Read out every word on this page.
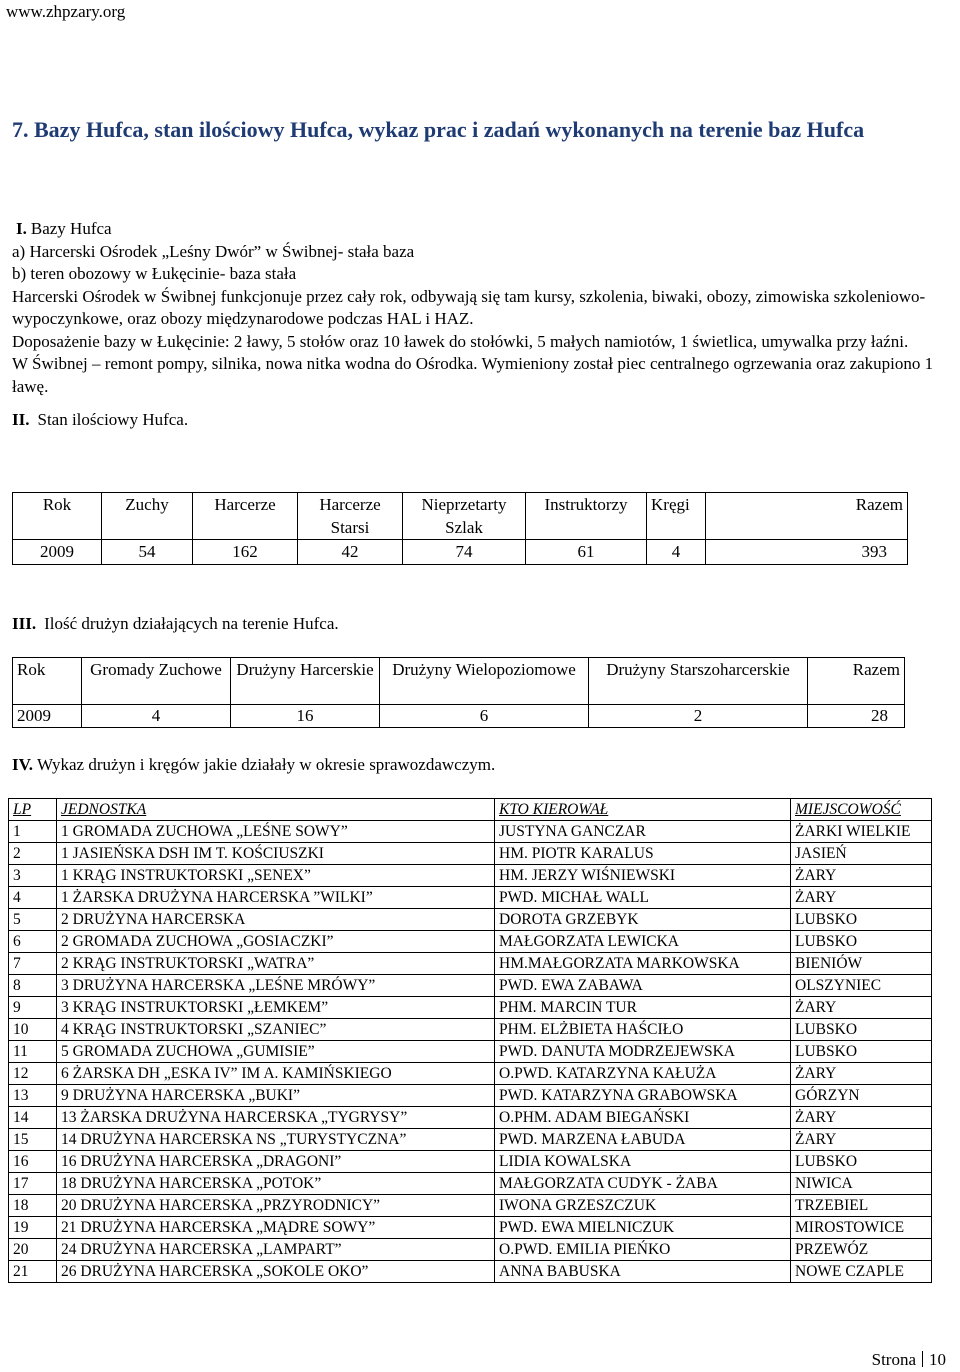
www.zhpzary.org
7. Bazy Hufca, stan ilościowy Hufca, wykaz prac i zadań wykonanych na terenie baz Hufca

I. Bazy Hufca

a) Harcerski Ośrodek „Leśny Dwór” w Świbnej- stała baza

b) teren obozowy w Łukęcinie- baza stała

Harcerski Ośrodek w Świbnej funkcjonuje przez cały rok, odbywają się tam kursy, szkolenia, biwaki, obozy, zimowiska szkoleniowo-wypoczynkowe, oraz obozy międzynarodowe podczas HAL i HAZ.

Doposażenie bazy w Łukęcinie: 2 ławy, 5 stołów oraz 10 ławek do stołówki, 5 małych namiotów, 1 świetlica, umywalka przy łaźni.

W Świbnej – remont pompy, silnika, nowa nitka wodna do Ośrodka. Wymieniony został piec centralnego ogrzewania oraz zakupiono 1 ławę.

II. Stan ilościowy Hufca.

Rok	Zuchy	Harcerze	Harcerze Starsi	Nieprzetarty Szlak	Instruktorzy	Kręgi	Razem
2009	54	162	42	74	61	4	393
III. Ilość drużyn działających na terenie Hufca.
Rok	Gromady Zuchowe	Drużyny Harcerskie	Drużyny Wielopoziomowe	Drużyny Starszoharcerskie	Razem
2009	4	16	6	2	28
IV. Wykaz drużyn i kręgów jakie działały w okresie sprawozdawczym.
LP	JEDNOSTKA	KTO KIEROWAŁ	MIEJSCOWOŚĆ
1	1 GROMADA ZUCHOWA „LEŚNE SOWY”	JUSTYNA GANCZAR	ŻARKI WIELKIE
2	1 JASIEŃSKA DSH IM T. KOŚCIUSZKI	HM. PIOTR KARALUS	JASIEŃ
3	1 KRĄG INSTRUKTORSKI „SENEX”	HM. JERZY WIŚNIEWSKI	ŻARY
4	1 ŻARSKA DRUŻYNA HARCERSKA ”WILKI”	PWD. MICHAŁ WALL	ŻARY
5	2 DRUŻYNA HARCERSKA	DOROTA GRZEBYK	LUBSKO
6	2 GROMADA ZUCHOWA „GOSIACZKI”	MAŁGORZATA LEWICKA	LUBSKO
7	2 KRĄG INSTRUKTORSKI „WATRA”	HM.MAŁGORZATA MARKOWSKA	BIENIÓW
8	3 DRUŻYNA HARCERSKA „LEŚNE MRÓWY”	PWD. EWA ZABAWA	OLSZYNIEC
9	3 KRĄG INSTRUKTORSKI „ŁEMKEM”	PHM. MARCIN TUR	ŻARY
10	4 KRĄG INSTRUKTORSKI „SZANIEC”	PHM. ELŻBIETA HAŚCIŁO	LUBSKO
11	5 GROMADA ZUCHOWA „GUMISIE”	PWD. DANUTA MODRZEJEWSKA	LUBSKO
12	6 ŻARSKA DH „ESKA IV” IM A. KAMIŃSKIEGO	O.PWD. KATARZYNA KAŁUŻA	ŻARY
13	9 DRUŻYNA HARCERSKA „BUKI”	PWD. KATARZYNA GRABOWSKA	GÓRZYN
14	13 ŻARSKA DRUŻYNA HARCERSKA „TYGRYSY”	O.PHM. ADAM BIEGAŃSKI	ŻARY
15	14 DRUŻYNA HARCERSKA NS „TURYSTYCZNA”	PWD. MARZENA ŁABUDA	ŻARY
16	16 DRUŻYNA HARCERSKA „DRAGONI”	LIDIA KOWALSKA	LUBSKO
17	18 DRUŻYNA HARCERSKA „POTOK”	MAŁGORZATA CUDYK - ŻABA	NIWICA
18	20 DRUŻYNA HARCERSKA „PRZYRODNICY”	IWONA GRZESZCZUK	TRZEBIEL
19	21 DRUŻYNA HARCERSKA „MĄDRE SOWY”	PWD. EWA MIELNICZUK	MIROSTOWICE
20	24 DRUŻYNA HARCERSKA „LAMPART”	O.PWD. EMILIA PIEŃKO	PRZEWÓZ
21	26 DRUŻYNA HARCERSKA „SOKOLE OKO”	ANNA BABUSKA	NOWE CZAPLE
Strona 10
